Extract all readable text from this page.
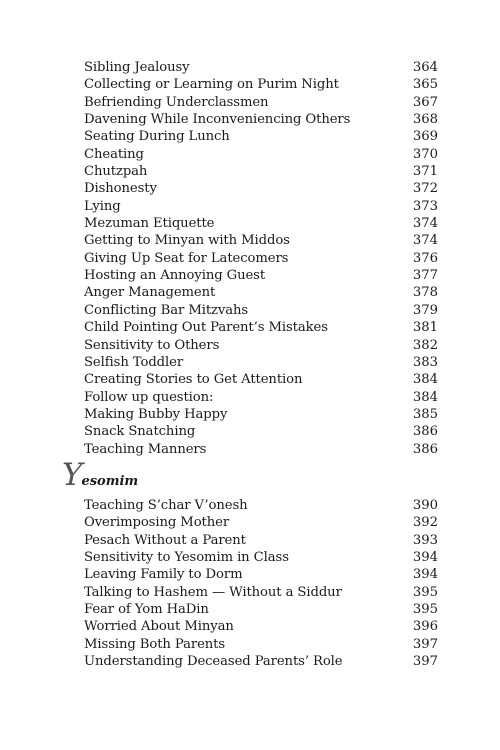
Sibling Jealousy	364
Collecting or Learning on Purim Night	365
Befriending Underclassmen	367
Davening While Inconveniencing Others	368
Seating During Lunch	369
Cheating	370
Chutzpah	371
Dishonesty	372
Lying	373
Mezuman Etiquette	374
Getting to Minyan with Middos	374
Giving Up Seat for Latecomers	376
Hosting an Annoying Guest	377
Anger Management	378
Conflicting Bar Mitzvahs	379
Child Pointing Out Parent’s Mistakes	381
Sensitivity to Others	382
Selfish Toddler	383
Creating Stories to Get Attention	384
Follow up question:	384
Making Bubby Happy	385
Snack Snatching	386
Teaching Manners	386
Yesomim
Teaching S’char V’onesh	390
Overimposing Mother	392
Pesach Without a Parent	393
Sensitivity to Yesomim in Class	394
Leaving Family to Dorm	394
Talking to Hashem — Without a Siddur	395
Fear of Yom HaDin	395
Worried About Minyan	396
Missing Both Parents	397
Understanding Deceased Parents’ Role	397
